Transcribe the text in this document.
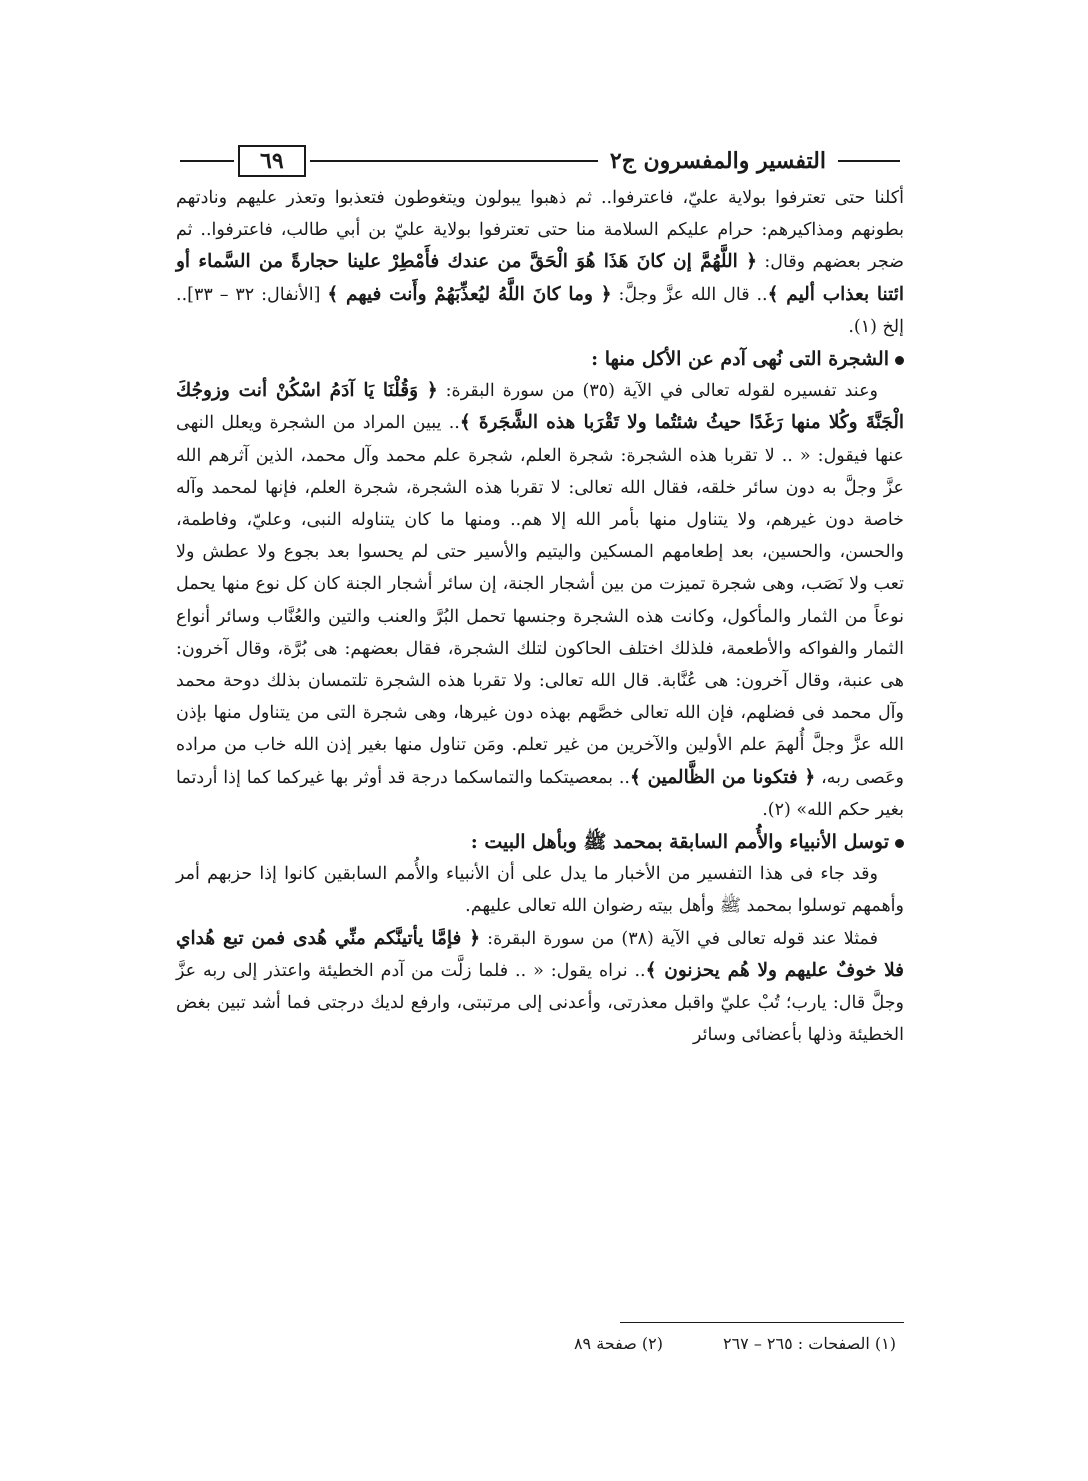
التفسير والمفسرون ج٢
٦٩

أكلنا حتى تعترفوا بولاية عليّ، فاعترفوا.. ثم ذهبوا يبولون ويتغوطون فتعذبوا وتعذر عليهم ونادتهم بطونهم ومذاكيرهم: حرام عليكم السلامة منا حتى تعترفوا بولاية عليّ بن أبي طالب، فاعترفوا.. ثم ضجر بعضهم وقال: ﴿ اللَّهُمَّ إن كانَ هَذَا هُوَ الْحَقَّ من عندك فأَمْطِرْ علينا حجارةً من السَّماء أو ائتنا بعذاب أليم ﴾.. قال الله عزَّ وجلَّ: ﴿ وما كانَ اللَّهُ ليُعذِّبَهُمْ وأَنت فيهم ﴾ [الأنفال: ٣٢ – ٣٣].. إلخ (١).

الشجرة التى نُهى آدم عن الأكل منها :

وعند تفسيره لقوله تعالى في الآية (٣٥) من سورة البقرة: ﴿ وَقُلْنَا يَا آدَمُ اسْكُنْ أنت وزوجُكَ الْجَنَّةَ وكُلا منها رَغَدًا حيثُ شئتُما ولا تَقْرَبا هذه الشَّجَرةَ ﴾.. يبين المراد من الشجرة ويعلل النهى عنها فيقول: « .. لا تقربا هذه الشجرة: شجرة العلم، شجرة علم محمد وآل محمد، الذين آثرهم الله عزَّ وجلَّ به دون سائر خلقه، فقال الله تعالى: لا تقربا هذه الشجرة، شجرة العلم، فإنها لمحمد وآله خاصة دون غيرهم، ولا يتناول منها بأمر الله إلا هم.. ومنها ما كان يتناوله النبى، وعليّ، وفاطمة، والحسن، والحسين، بعد إطعامهم المسكين واليتيم والأسير حتى لم يحسوا بعد بجوع ولا عطش ولا تعب ولا نَصَب، وهى شجرة تميزت من بين أشجار الجنة، إن سائر أشجار الجنة كان كل نوع منها يحمل نوعاً من الثمار والمأكول، وكانت هذه الشجرة وجنسها تحمل البُرَّ والعنب والتين والعُنَّاب وسائر أنواع الثمار والفواكه والأطعمة، فلذلك اختلف الحاكون لتلك الشجرة، فقال بعضهم: هى بُرَّة، وقال آخرون: هى عنبة، وقال آخرون: هى عُنَّابة. قال الله تعالى: ولا تقربا هذه الشجرة تلتمسان بذلك دوحة محمد وآل محمد فى فضلهم، فإن الله تعالى خصَّهم بهذه دون غيرها، وهى شجرة التى من يتناول منها بإذن الله عزَّ وجلَّ أُلهمَ علم الأولين والآخرين من غير تعلم. ومَن تناول منها بغير إذن الله خاب من مراده وعَصى ربه، ﴿ فتكونا من الظَّالمين ﴾.. بمعصيتكما والتماسكما درجة قد أوثر بها غيركما كما إذا أردتما بغير حكم الله» (٢).

توسل الأنبياء والأُمم السابقة بمحمد ﷺ وبأهل البيت :

وقد جاء فى هذا التفسير من الأخبار ما يدل على أن الأنبياء والأُمم السابقين كانوا إذا حزبهم أمر وأهمهم توسلوا بمحمد ﷺ وأهل بيته رضوان الله تعالى عليهم.

فمثلا عند قوله تعالى في الآية (٣٨) من سورة البقرة: ﴿ فإمَّا يأتينَّكم منِّي هُدى فمن تبع هُداي فلا خوفٌ عليهم ولا هُم يحزنون ﴾.. نراه يقول: « .. فلما زلَّت من آدم الخطيئة واعتذر إلى ربه عزَّ وجلَّ قال: يارب؛ تُبْ عليّ واقبل معذرتى، وأعدنى إلى مرتبتى، وارفع لديك درجتى فما أشد تبين بغض الخطيئة وذلها بأعضائى وسائر

(١) الصفحات : ٢٦٥ – ٢٦٧
(٢) صفحة ٨٩
